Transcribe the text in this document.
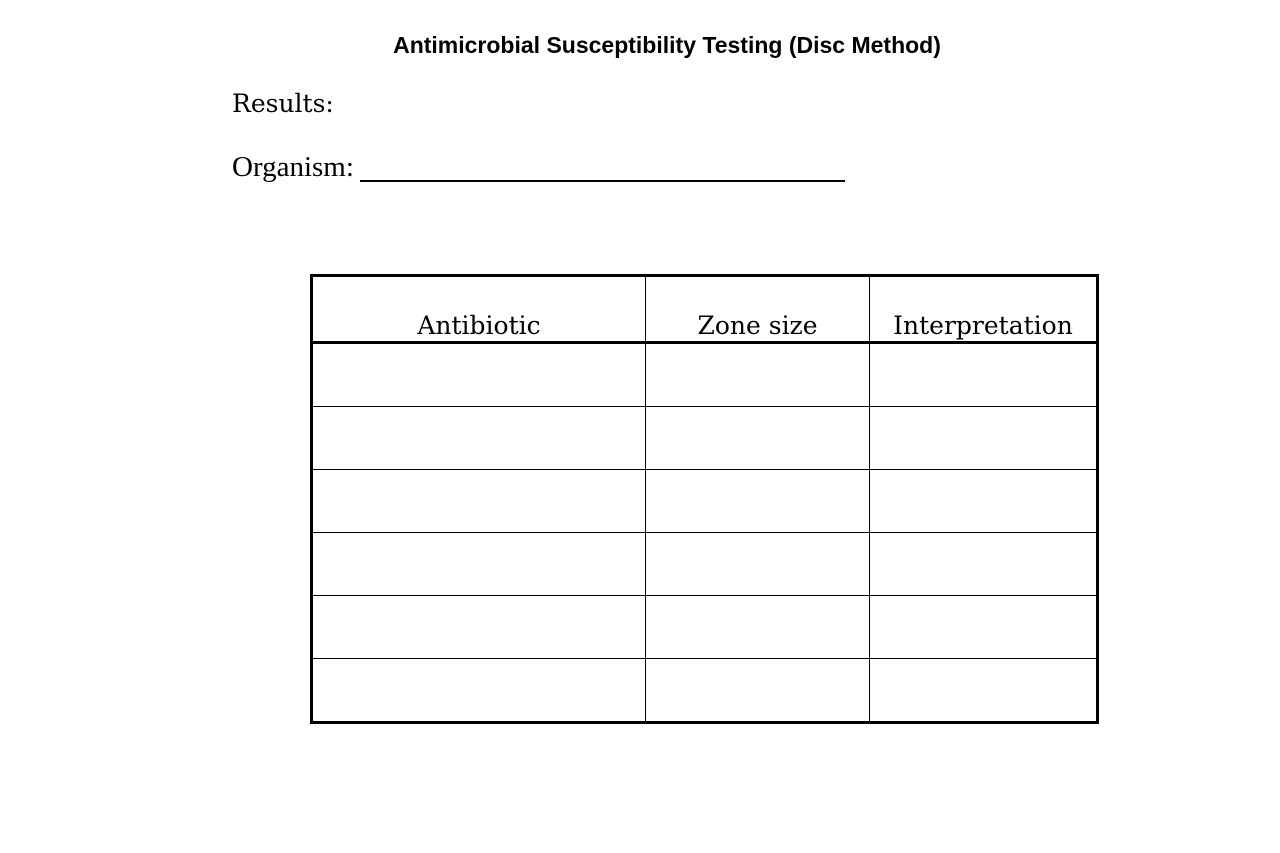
Antimicrobial Susceptibility Testing (Disc Method)
Results:
Organism:
Antibiotic	Zone size	Interpretation
